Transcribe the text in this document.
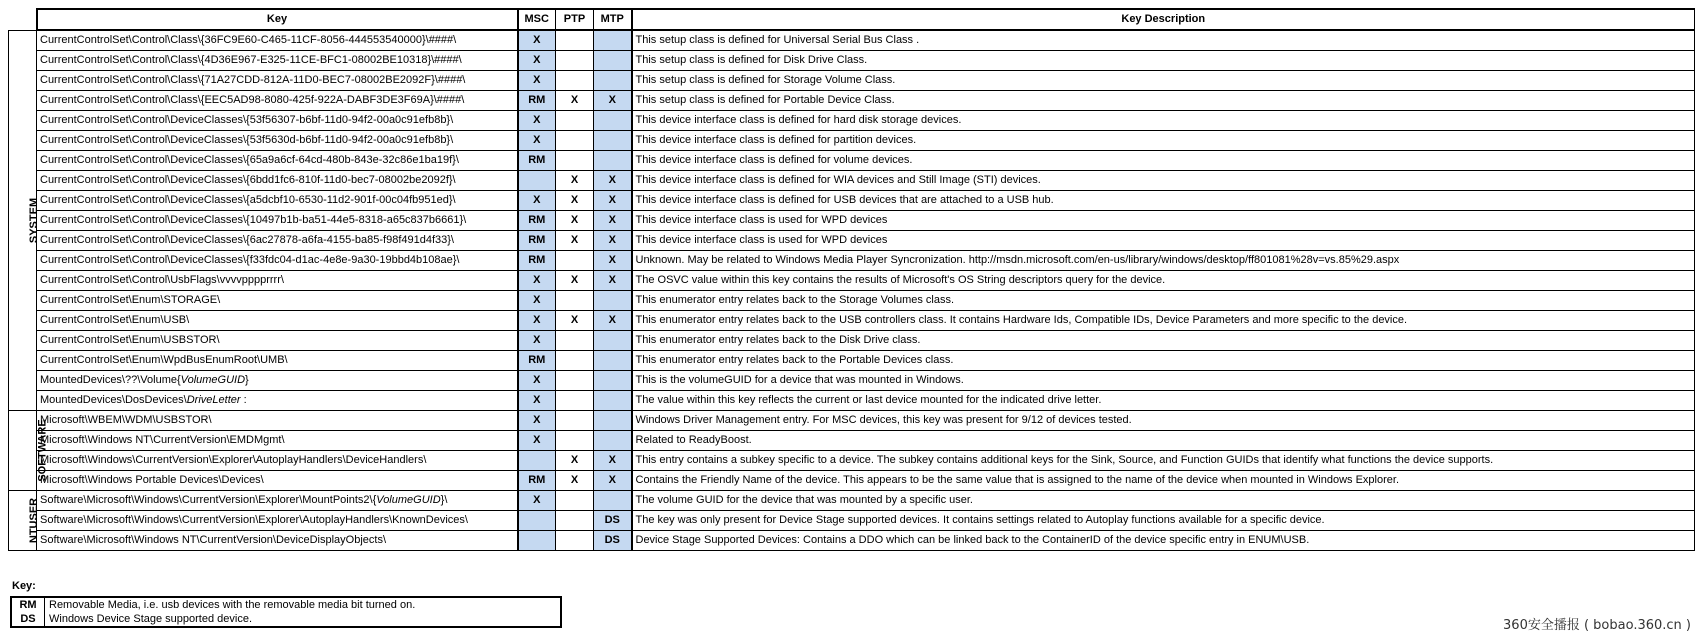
	Key	MSC	PTP	MTP	Key Description
SYSTEM	CurrentControlSet\Control\Class\{36FC9E60-C465-11CF-8056-444553540000}\####\	X			This setup class is defined for Universal Serial Bus Class .
	CurrentControlSet\Control\Class\{4D36E967-E325-11CE-BFC1-08002BE10318}\####\	X			This setup class is defined for Disk Drive Class.
	CurrentControlSet\Control\Class\{71A27CDD-812A-11D0-BEC7-08002BE2092F}\####\	X			This setup class is defined for Storage Volume Class.
	CurrentControlSet\Control\Class\{EEC5AD98-8080-425f-922A-DABF3DE3F69A}\####\	RM	X	X	This setup class is defined for Portable Device Class.
	CurrentControlSet\Control\DeviceClasses\{53f56307-b6bf-11d0-94f2-00a0c91efb8b}\	X			This device interface class is defined for hard disk storage devices.
	CurrentControlSet\Control\DeviceClasses\{53f5630d-b6bf-11d0-94f2-00a0c91efb8b}\	X			This device interface class is defined for partition devices.
	CurrentControlSet\Control\DeviceClasses\{65a9a6cf-64cd-480b-843e-32c86e1ba19f}\	RM			This device interface class is defined for volume devices.
	CurrentControlSet\Control\DeviceClasses\{6bdd1fc6-810f-11d0-bec7-08002be2092f}\		X	X	This device interface class is defined for WIA devices and Still Image (STI) devices.
	CurrentControlSet\Control\DeviceClasses\{a5dcbf10-6530-11d2-901f-00c04fb951ed}\	X	X	X	This device interface class is defined for USB devices that are attached to a USB hub.
	CurrentControlSet\Control\DeviceClasses\{10497b1b-ba51-44e5-8318-a65c837b6661}\	RM	X	X	This device interface class is used for WPD devices
	CurrentControlSet\Control\DeviceClasses\{6ac27878-a6fa-4155-ba85-f98f491d4f33}\	RM	X	X	This device interface class is used for WPD devices
	CurrentControlSet\Control\DeviceClasses\{f33fdc04-d1ac-4e8e-9a30-19bbd4b108ae}\	RM		X	Unknown. May be related to Windows Media Player Syncronization. http://msdn.microsoft.com/en-us/library/windows/desktop/ff801081%28v=vs.85%29.aspx
	CurrentControlSet\Control\UsbFlags\vvvvpppprrrr\	X	X	X	The OSVC value within this key contains the results of Microsoft's OS String descriptors query for the device.
	CurrentControlSet\Enum\STORAGE\	X			This enumerator entry relates back to the Storage Volumes class.
	CurrentControlSet\Enum\USB\	X	X	X	This enumerator entry relates back to the USB controllers class. It contains Hardware Ids, Compatible IDs, Device Parameters and more specific to the device.
	CurrentControlSet\Enum\USBSTOR\	X			This enumerator entry relates back to the Disk Drive class.
	CurrentControlSet\Enum\WpdBusEnumRoot\UMB\	RM			This enumerator entry relates back to the Portable Devices class.
	MountedDevices\??\Volume{VolumeGUID}	X			This is the volumeGUID for a device that was mounted in Windows.
	MountedDevices\DosDevices\DriveLetter :	X			The value within this key reflects the current or last device mounted for the indicated drive letter.
SOFTWARE	Microsoft\WBEM\WDM\USBSTOR\	X			Windows Driver Management entry. For MSC devices, this key was present for 9/12 of devices tested.
	Microsoft\Windows NT\CurrentVersion\EMDMgmt\	X			Related to ReadyBoost.
	Microsoft\Windows\CurrentVersion\Explorer\AutoplayHandlers\DeviceHandlers\		X	X	This entry contains a subkey specific to a device. The subkey contains additional keys for the Sink, Source, and Function GUIDs that identify what functions the device supports.
	Microsoft\Windows Portable Devices\Devices\	RM	X	X	Contains the Friendly Name of the device. This appears to be the same value that is assigned to the name of the device when mounted in Windows Explorer.
NTUSER	Software\Microsoft\Windows\CurrentVersion\Explorer\MountPoints2\{VolumeGUID}\	X			The volume GUID for the device that was mounted by a specific user.
	Software\Microsoft\Windows\CurrentVersion\Explorer\AutoplayHandlers\KnownDevices\			DS	The key was only present for Device Stage supported devices. It contains settings related to Autoplay functions available for a specific device.
	Software\Microsoft\Windows NT\CurrentVersion\DeviceDisplayObjects\			DS	Device Stage Supported Devices: Contains a DDO which can be linked back to the ContainerID of the device specific entry in ENUM\USB.
Key:
RM	Removable Media, i.e. usb devices with the removable media bit turned on.
DS	Windows Device Stage supported device.	360安全播报 ( bobao.360.cn )
